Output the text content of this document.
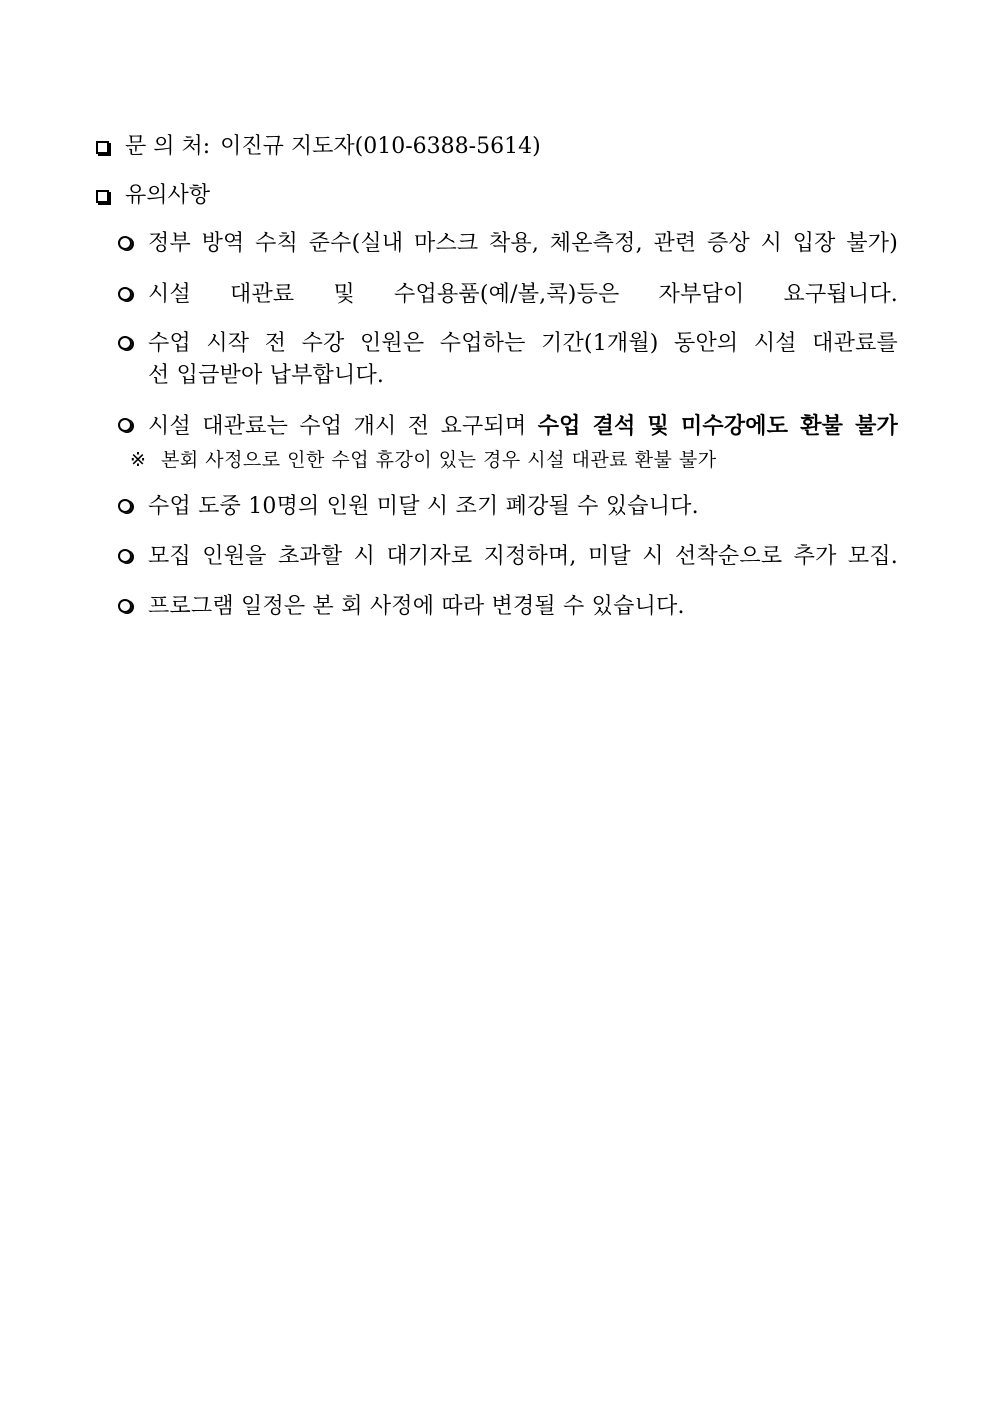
문 의 처: 이진규 지도자(010-6388-5614)
유의사항
정부 방역 수칙 준수(실내 마스크 착용, 체온측정, 관련 증상 시 입장 불가)
시설 대관료 및 수업용품(예/볼,콕)등은 자부담이 요구됩니다.
수업 시작 전 수강 인원은 수업하는 기간(1개월) 동안의 시설 대관료를
선 입금받아 납부합니다.
시설 대관료는 수업 개시 전 요구되며 수업 결석 및 미수강에도 환불 불가
※ 본회 사정으로 인한 수업 휴강이 있는 경우 시설 대관료 환불 불가
수업 도중 10명의 인원 미달 시 조기 폐강될 수 있습니다.
모집 인원을 초과할 시 대기자로 지정하며, 미달 시 선착순으로 추가 모집.
프로그램 일정은 본 회 사정에 따라 변경될 수 있습니다.
